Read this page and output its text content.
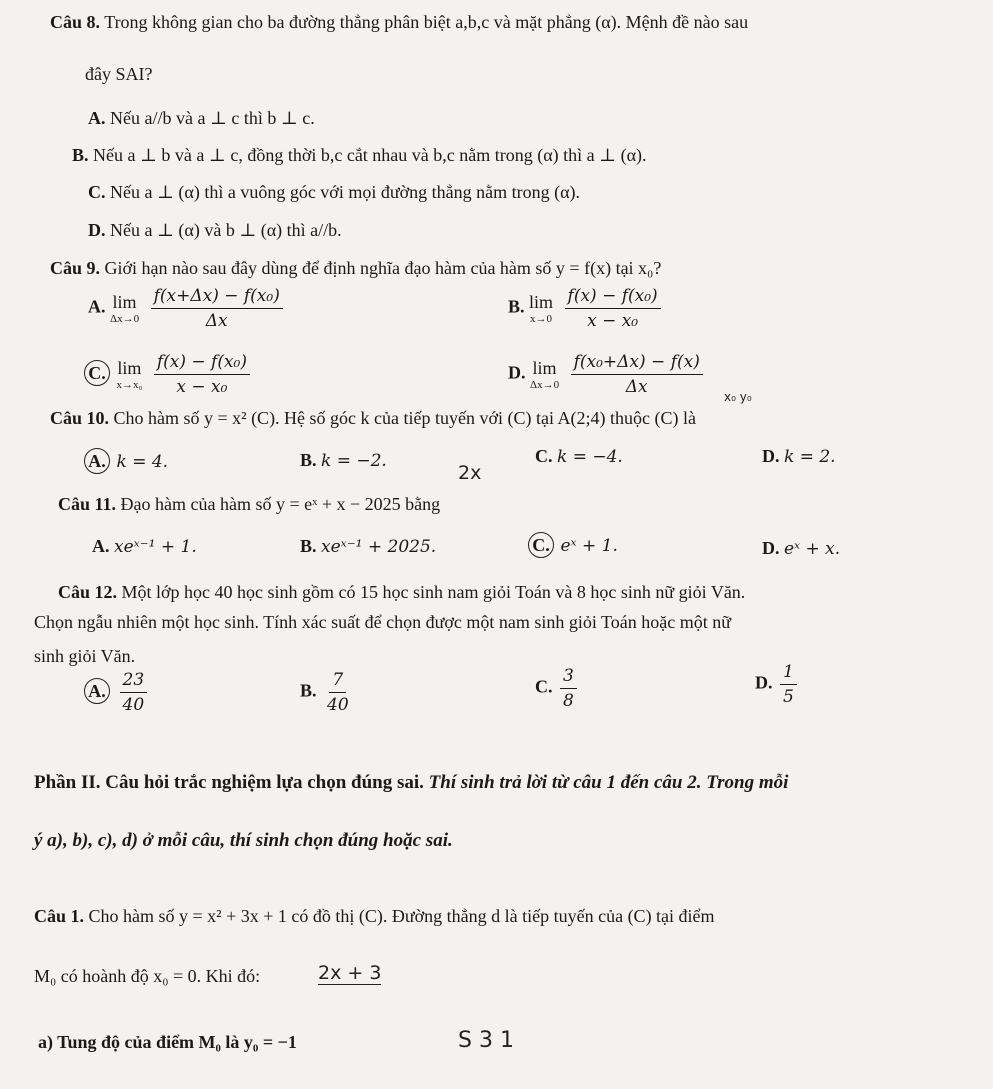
Câu 8. Trong không gian cho ba đường thẳng phân biệt a,b,c và mặt phẳng (α). Mệnh đề nào sau
đây SAI?
A. Nếu a//b và a ⊥ c thì b ⊥ c.
B. Nếu a ⊥ b và a ⊥ c, đồng thời b,c cắt nhau và b,c nằm trong (α) thì a ⊥ (α).
C. Nếu a ⊥ (α) thì a vuông góc với mọi đường thẳng nằm trong (α).
D. Nếu a ⊥ (α) và b ⊥ (α) thì a//b.
Câu 9. Giới hạn nào sau đây dùng để định nghĩa đạo hàm của hàm số y = f(x) tại x₀?
A. lim
Δx→0
$\frac{\text{f(x+Δx) − f(x₀)}}{\Delta x}$	B. lim
x→0
$\frac{\text{f(x) − f(x₀)}}{\text{x − x₀}}$
C. lim
x→x₀
$\frac{\text{f(x) − f(x₀)}}{\text{x − x₀}}$	D. lim
Δx→0
$\frac{\text{f(x₀+Δx) − f(x)}}{\Delta x} x_0$ y₀
Câu 10. Cho hàm số y = x² (C). Hệ số góc k của tiếp tuyến với (C) tại A(2;4) thuộc (C) là
A. k = 4.	B. k = −2.
2x
C. k = −4.	D. k = 2.
Câu 11. Đạo hàm của hàm số y = eˣ + x − 2025 bằng
A. xeˣ⁻¹ + 1.	B. xeˣ⁻¹ + 2025.	C. eˣ + 1.	D. eˣ + x.
Câu 12. Một lớp học 40 học sinh gồm có 15 học sinh nam giỏi Toán và 8 học sinh nữ giỏi Văn.
Chọn ngẫu nhiên một học sinh. Tính xác suất để chọn được một nam sinh giỏi Toán hoặc một nữ
sinh giỏi Văn.
A. $\frac{23}{40}$	B. $\frac{7}{40}$	C. $\frac{3}{8}$	D. $\frac{1}{5}$
Phần II. Câu hỏi trắc nghiệm lựa chọn đúng sai. Thí sinh trả lời từ câu 1 đến câu 2. Trong mỗi
ý a), b), c), d) ở mỗi câu, thí sinh chọn đúng hoặc sai.
Câu 1. Cho hàm số y = x² + 3x + 1 có đồ thị (C). Đường thẳng d là tiếp tuyến của (C) tại điểm
M₀ có hoành độ x₀ = 0. Khi đó:	2x + 3
a) Tung độ của điểm M₀ là y₀ = −1	S 3 1
